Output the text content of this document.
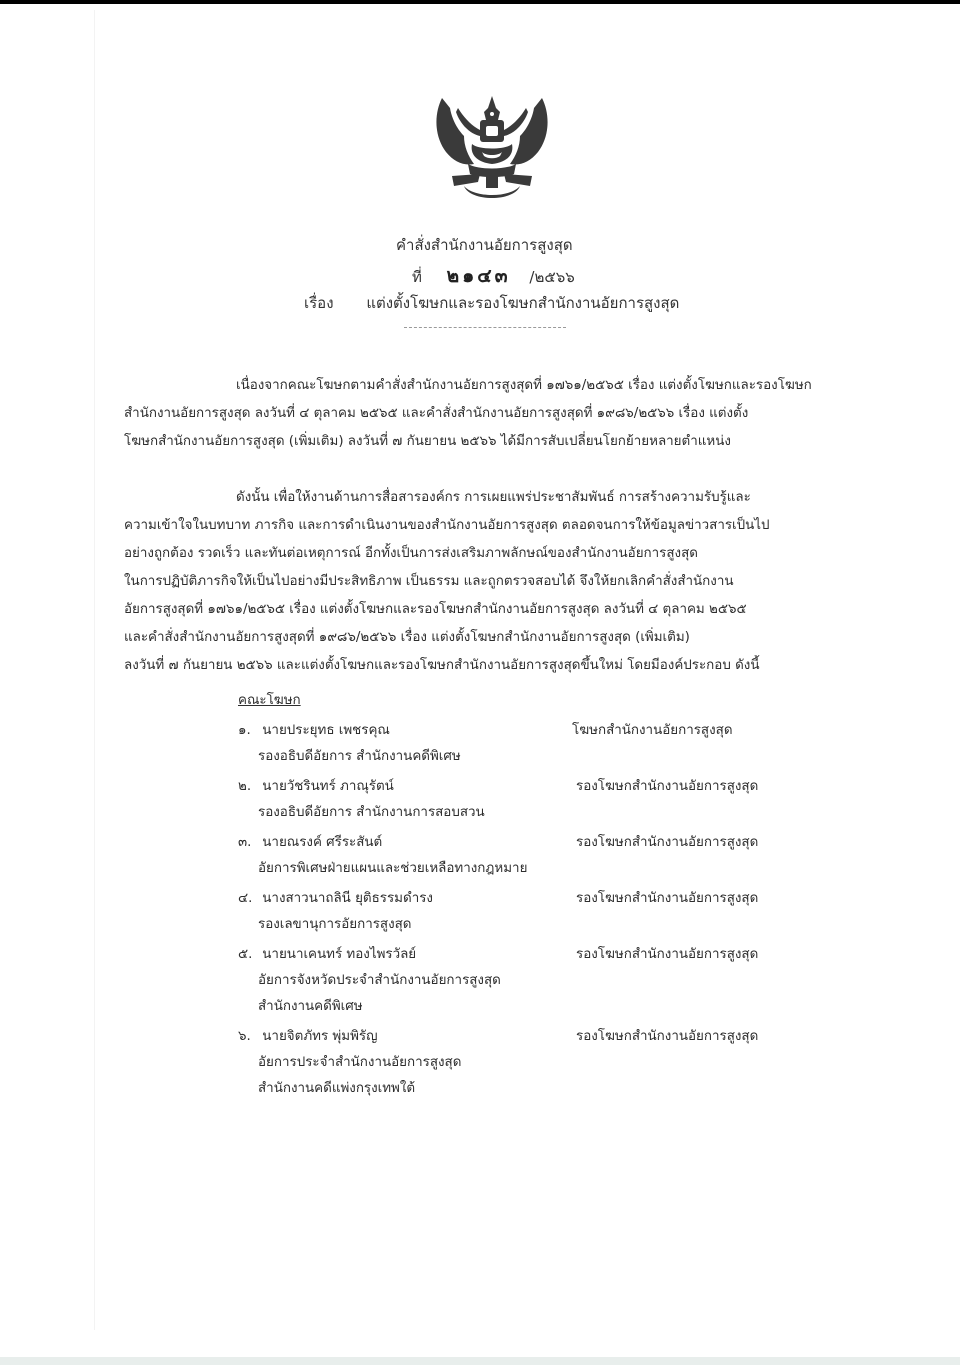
คำสั่งสำนักงานอัยการสูงสุด
ที่ ๒๑๔๓ /๒๕๖๖
เรื่อง แต่งตั้งโฆษกและรองโฆษกสำนักงานอัยการสูงสุด
เนื่องจากคณะโฆษกตามคำสั่งสำนักงานอัยการสูงสุดที่ ๑๗๖๑/๒๕๖๕ เรื่อง แต่งตั้งโฆษกและรองโฆษก
สำนักงานอัยการสูงสุด ลงวันที่ ๔ ตุลาคม ๒๕๖๕ และคำสั่งสำนักงานอัยการสูงสุดที่ ๑๙๘๖/๒๕๖๖ เรื่อง แต่งตั้ง
โฆษกสำนักงานอัยการสูงสุด (เพิ่มเติม) ลงวันที่ ๗ กันยายน ๒๕๖๖ ได้มีการสับเปลี่ยนโยกย้ายหลายตำแหน่ง
ดังนั้น เพื่อให้งานด้านการสื่อสารองค์กร การเผยแพร่ประชาสัมพันธ์ การสร้างความรับรู้และ
ความเข้าใจในบทบาท ภารกิจ และการดำเนินงานของสำนักงานอัยการสูงสุด ตลอดจนการให้ข้อมูลข่าวสารเป็นไป
อย่างถูกต้อง รวดเร็ว และทันต่อเหตุการณ์ อีกทั้งเป็นการส่งเสริมภาพลักษณ์ของสำนักงานอัยการสูงสุด
ในการปฏิบัติภารกิจให้เป็นไปอย่างมีประสิทธิภาพ เป็นธรรม และถูกตรวจสอบได้ จึงให้ยกเลิกคำสั่งสำนักงาน
อัยการสูงสุดที่ ๑๗๖๑/๒๕๖๕ เรื่อง แต่งตั้งโฆษกและรองโฆษกสำนักงานอัยการสูงสุด ลงวันที่ ๔ ตุลาคม ๒๕๖๕
และคำสั่งสำนักงานอัยการสูงสุดที่ ๑๙๘๖/๒๕๖๖ เรื่อง แต่งตั้งโฆษกสำนักงานอัยการสูงสุด (เพิ่มเติม)
ลงวันที่ ๗ กันยายน ๒๕๖๖ และแต่งตั้งโฆษกและรองโฆษกสำนักงานอัยการสูงสุดขึ้นใหม่ โดยมีองค์ประกอบ ดังนี้
คณะโฆษก
๑. นายประยุทธ เพชรคุณ
รองอธิบดีอัยการ สำนักงานคดีพิเศษ
โฆษกสำนักงานอัยการสูงสุด
๒. นายวัชรินทร์ ภาณุรัตน์
รองอธิบดีอัยการ สำนักงานการสอบสวน
รองโฆษกสำนักงานอัยการสูงสุด
๓. นายณรงค์ ศรีระสันต์
อัยการพิเศษฝ่ายแผนและช่วยเหลือทางกฎหมาย
รองโฆษกสำนักงานอัยการสูงสุด
๔. นางสาวนาถลินี ยุติธรรมดำรง
รองเลขานุการอัยการสูงสุด
รองโฆษกสำนักงานอัยการสูงสุด
๕. นายนาเคนทร์ ทองไพรวัลย์
อัยการจังหวัดประจำสำนักงานอัยการสูงสุด
สำนักงานคดีพิเศษ
รองโฆษกสำนักงานอัยการสูงสุด
๖. นายจิตภัทร พุ่มพิรัญ
อัยการประจำสำนักงานอัยการสูงสุด
สำนักงานคดีแพ่งกรุงเทพใต้
รองโฆษกสำนักงานอัยการสูงสุด
